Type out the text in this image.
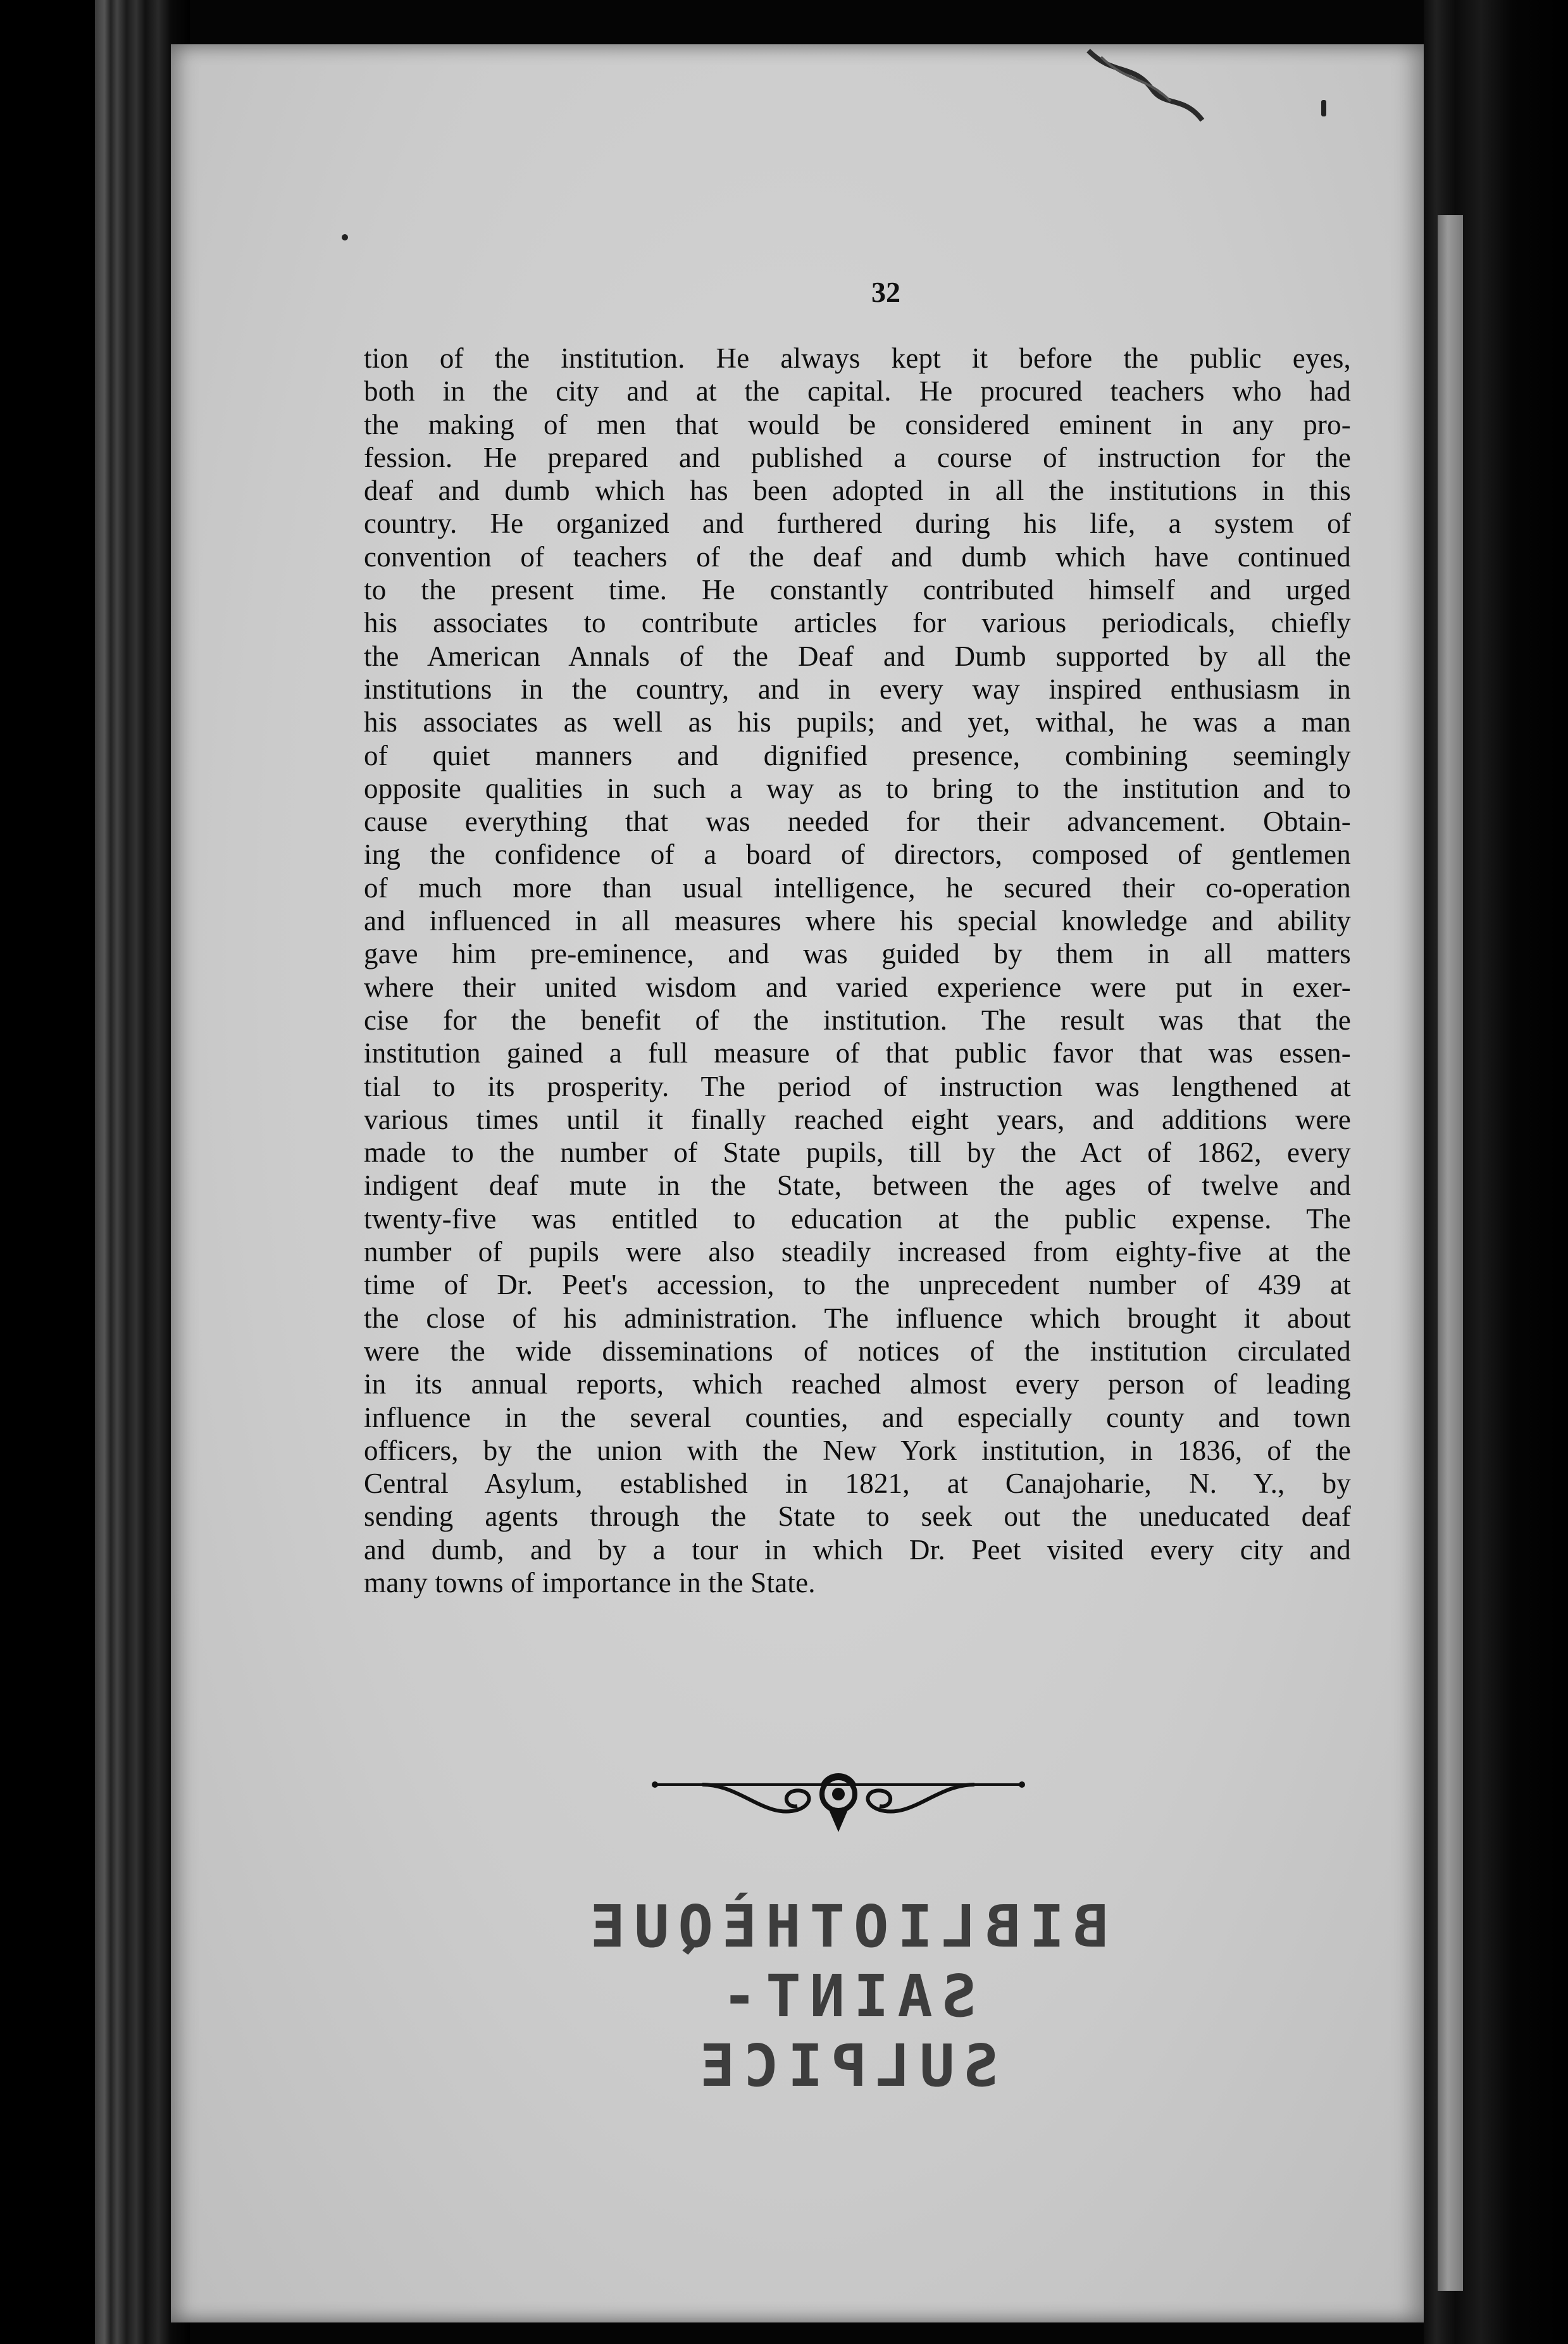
32
tion of the institution. He always kept it before the public eyes,
both in the city and at the capital. He procured teachers who had
the making of men that would be considered eminent in any pro-
fession. He prepared and published a course of instruction for the
deaf and dumb which has been adopted in all the institutions in this
country. He organized and furthered during his life, a system of
convention of teachers of the deaf and dumb which have continued
to the present time. He constantly contributed himself and urged
his associates to contribute articles for various periodicals, chiefly
the American Annals of the Deaf and Dumb supported by all the
institutions in the country, and in every way inspired enthusiasm in
his associates as well as his pupils; and yet, withal, he was a man
of quiet manners and dignified presence, combining seemingly
opposite qualities in such a way as to bring to the institution and to
cause everything that was needed for their advancement. Obtain-
ing the confidence of a board of directors, composed of gentlemen
of much more than usual intelligence, he secured their co-operation
and influenced in all measures where his special knowledge and ability
gave him pre-eminence, and was guided by them in all matters
where their united wisdom and varied experience were put in exer-
cise for the benefit of the institution. The result was that the
institution gained a full measure of that public favor that was essen-
tial to its prosperity. The period of instruction was lengthened at
various times until it finally reached eight years, and additions were
made to the number of State pupils, till by the Act of 1862, every
indigent deaf mute in the State, between the ages of twelve and
twenty-five was entitled to education at the public expense. The
number of pupils were also steadily increased from eighty-five at the
time of Dr. Peet's accession, to the unprecedent number of 439 at
the close of his administration. The influence which brought it about
were the wide disseminations of notices of the institution circulated
in its annual reports, which reached almost every person of leading
influence in the several counties, and especially county and town
officers, by the union with the New York institution, in 1836, of the
Central Asylum, established in 1821, at Canajoharie, N. Y., by
sending agents through the State to seek out the uneducated deaf
and dumb, and by a tour in which Dr. Peet visited every city and
many towns of importance in the State.
BIBLIOTHÈQUE
SAINT-SULPICE
